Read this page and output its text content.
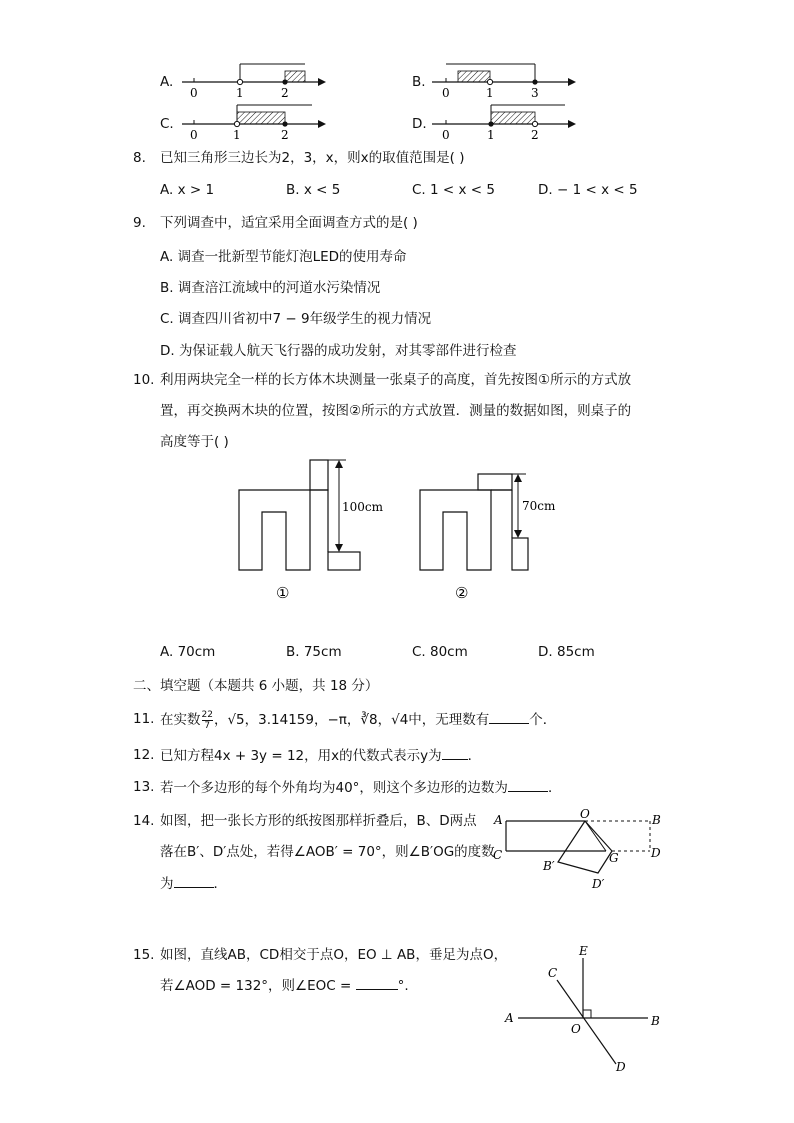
A.
0	1	2
B.
0	1	3
C.
0	1	2
D.
0	1	2
8. 已知三角形三边长为2，3，x，则x的取值范围是( )
A. x > 1	B. x < 5	C. 1 < x < 5	D. − 1 < x < 5
9. 下列调查中，适宜采用全面调查方式的是( )
A. 调查一批新型节能灯泡LED的使用寿命
B. 调查涪江流域中的河道水污染情况
C. 调查四川省初中7 − 9年级学生的视力情况
D. 为保证载人航天飞行器的成功发射，对其零部件进行检查
10. 利用两块完全一样的长方体木块测量一张桌子的高度，首先按图①所示的方式放
置，再交换两木块的位置，按图②所示的方式放置．测量的数据如图，则桌子的
高度等于( )
100cm
①
70cm
②
A. 70cm	B. 75cm	C. 80cm	D. 85cm
二、填空题（本题共 6 小题，共 18 分）
11. 在实数 $\frac{22}{7}$ ，√5，3.14159，−π，∛8，√4中，无理数有	个．
12. 已知方程4x + 3y = 12，用x的代数式表示y为 ．
13. 若一个多边形的每个外角均为40°，则这个多边形的边数为	．
14. 如图，把一张长方形的纸按图那样折叠后，B、D两点
落在B′、D′点处，若得∠AOB′ = 70°，则∠B′OG的度数
为	．
A	O	B
C	G	D
B′
D′
15. 如图，直线AB，CD相交于点O，EO ⊥ AB，垂足为点O，
若∠AOD = 132°，则∠EOC =	°.
E
C
A
O
B
D
